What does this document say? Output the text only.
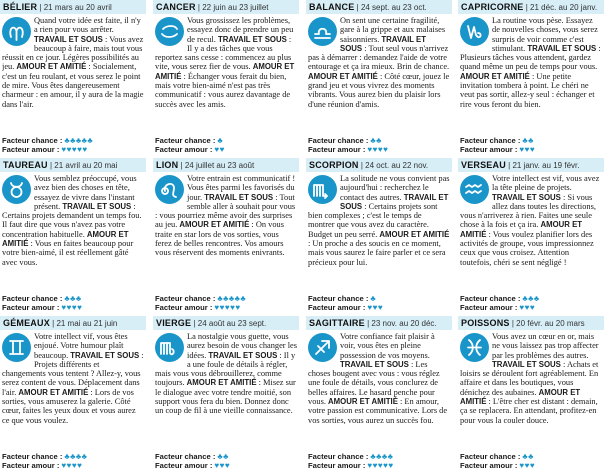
BÉLIER | 21 mars au 20 avril
Quand votre idée est faite, il n'y a rien pour vous arrêter. TRAVAIL ET SOUS : Vous avez beaucoup à faire, mais tout vous réussit en ce jour. Légères possibilités au jeu. AMOUR ET AMITIÉ : Socialement, c'est un feu roulant, et vous serez le point de mire. Vous êtes dangereusement charmeur : en amour, il y aura de la magie dans l'air.
Facteur chance : ♣♣♣♣♣
Facteur amour : ♥♥♥♥♥
CANCER | 22 juin au 23 juillet
Vous grossissez les problèmes, essayez donc de prendre un peu de recul. TRAVAIL ET SOUS : Il y a des tâches que vous reportez sans cesse : commencez au plus vite, vous serez fier de vous. AMOUR ET AMITIÉ : Échanger vous ferait du bien, mais votre bien-aimé n'est pas très communicatif : vous aurez davantage de succès avec les amis.
Facteur chance : ♣
Facteur amour : ♥♥
BALANCE | 24 sept. au 23 oct.
On sent une certaine fragilité, gare à la grippe et aux malaises saisonniers. TRAVAIL ET SOUS : Tout seul vous n'arrivez pas à démarrer : demandez l'aide de votre entourage et ça ira mieux. Brin de chance. AMOUR ET AMITIÉ : Côté cœur, jouez le grand jeu et vous vivrez des moments vibrants. Vous aurez bien du plaisir lors d'une réunion d'amis.
Facteur chance : ♣♣
Facteur amour : ♥♥♥♥
CAPRICORNE | 21 déc. au 20 janv.
La routine vous pèse. Essayez de nouvelles choses, vous serez surpris de voir comme c'est stimulant. TRAVAIL ET SOUS : Plusieurs tâches vous attendent, gardez quand même un peu de temps pour vous. AMOUR ET AMITIÉ : Une petite invitation tombera à point. Le chéri ne veut pas sortir, allez-y seul : échanger et rire vous feront du bien.
Facteur chance : ♣♣
Facteur amour : ♥♥♥
TAUREAU | 21 avril au 20 mai
Vous semblez préoccupé, vous avez bien des choses en tête, essayez de vivre dans l'instant présent. TRAVAIL ET SOUS : Certains projets demandent un temps fou. Il faut dire que vous n'avez pas votre concentration habituelle. AMOUR ET AMITIÉ : Vous en faites beaucoup pour votre bien-aimé, il est réellement gâté avec vous.
Facteur chance : ♣♣♣
Facteur amour : ♥♥♥♥
LION | 24 juillet au 23 août
Votre entrain est communicatif ! Vous êtes parmi les favorisés du jour. TRAVAIL ET SOUS : Tout semble aller à souhait pour vous : vous pourriez même avoir des surprises au jeu. AMOUR ET AMITIÉ : On vous traite en star lors de vos sorties, vous ferez de belles rencontres. Vos amours vous réservent des moments enivrants.
Facteur chance : ♣♣♣♣♣
Facteur amour : ♥♥♥♥♥
SCORPION | 24 oct. au 22 nov.
La solitude ne vous convient pas aujourd'hui : recherchez le contact des autres. TRAVAIL ET SOUS : Certains projets sont bien complexes ; c'est le temps de montrer que vous avez du caractère. Budget un peu serré. AMOUR ET AMITIÉ : Un proche a des soucis en ce moment, mais vous saurez le faire parler et ce sera précieux pour lui.
Facteur chance : ♣
Facteur amour : ♥♥♥
VERSEAU | 21 janv. au 19 févr.
Votre intellect est vif, vous avez la tête pleine de projets. TRAVAIL ET SOUS : Si vous allez dans toutes les directions, vous n'arriverez à rien. Faites une seule chose à la fois et ça ira. AMOUR ET AMITIÉ : Vous voulez planifier lors des activités de groupe, vous impressionnez ceux que vous croisez. Attention toutefois, chéri se sent négligé !
Facteur chance : ♣♣♣
Facteur amour : ♥♥♥
GÉMEAUX | 21 mai au 21 juin
Votre intellect vif, vous êtes enjoué. Votre humour plaît beaucoup. TRAVAIL ET SOUS : Projets différents et changements vous tentent ? Allez-y, vous serez content de vous. Déplacement dans l'air. AMOUR ET AMITIÉ : Lors de vos sorties, vous amuserez la galerie. Côté cœur, faites les yeux doux et vous aurez ce que vous voulez.
Facteur chance : ♣♣♣♣
Facteur amour : ♥♥♥♥
VIERGE | 24 août au 23 sept.
La nostalgie vous guette, vous aurez besoin de vous changer les idées. TRAVAIL ET SOUS : Il y a une foule de détails à régler, mais vous vous débrouillerez, comme toujours. AMOUR ET AMITIÉ : Misez sur le dialogue avec votre tendre moitié, son support vous fera du bien. Donnez donc un coup de fil à une vieille connaissance.
Facteur chance : ♣♣
Facteur amour : ♥♥♥
SAGITTAIRE | 23 nov. au 20 déc.
Votre confiance fait plaisir à voir, vous êtes en pleine possession de vos moyens. TRAVAIL ET SOUS : Les choses bougent avec vous : vous réglez une foule de détails, vous conclurez de belles affaires. Le hasard penche pour vous. AMOUR ET AMITIÉ : En amour, votre passion est communicative. Lors de vos sorties, vous aurez un succès fou.
Facteur chance : ♣♣♣♣
Facteur amour : ♥♥♥♥♥
POISSONS | 20 févr. au 20 mars
Vous avez un cœur en or, mais ne vous laissez pas trop affecter par les problèmes des autres. TRAVAIL ET SOUS : Achats et loisirs se déroulent fort agréablement. En affaire et dans les boutiques, vous dénichez des aubaines. AMOUR ET AMITIÉ : L'être cher est distant : demain, ça se replacera. En attendant, profitez-en pour vous la couler douce.
Facteur chance : ♣♣
Facteur amour : ♥♥♥
